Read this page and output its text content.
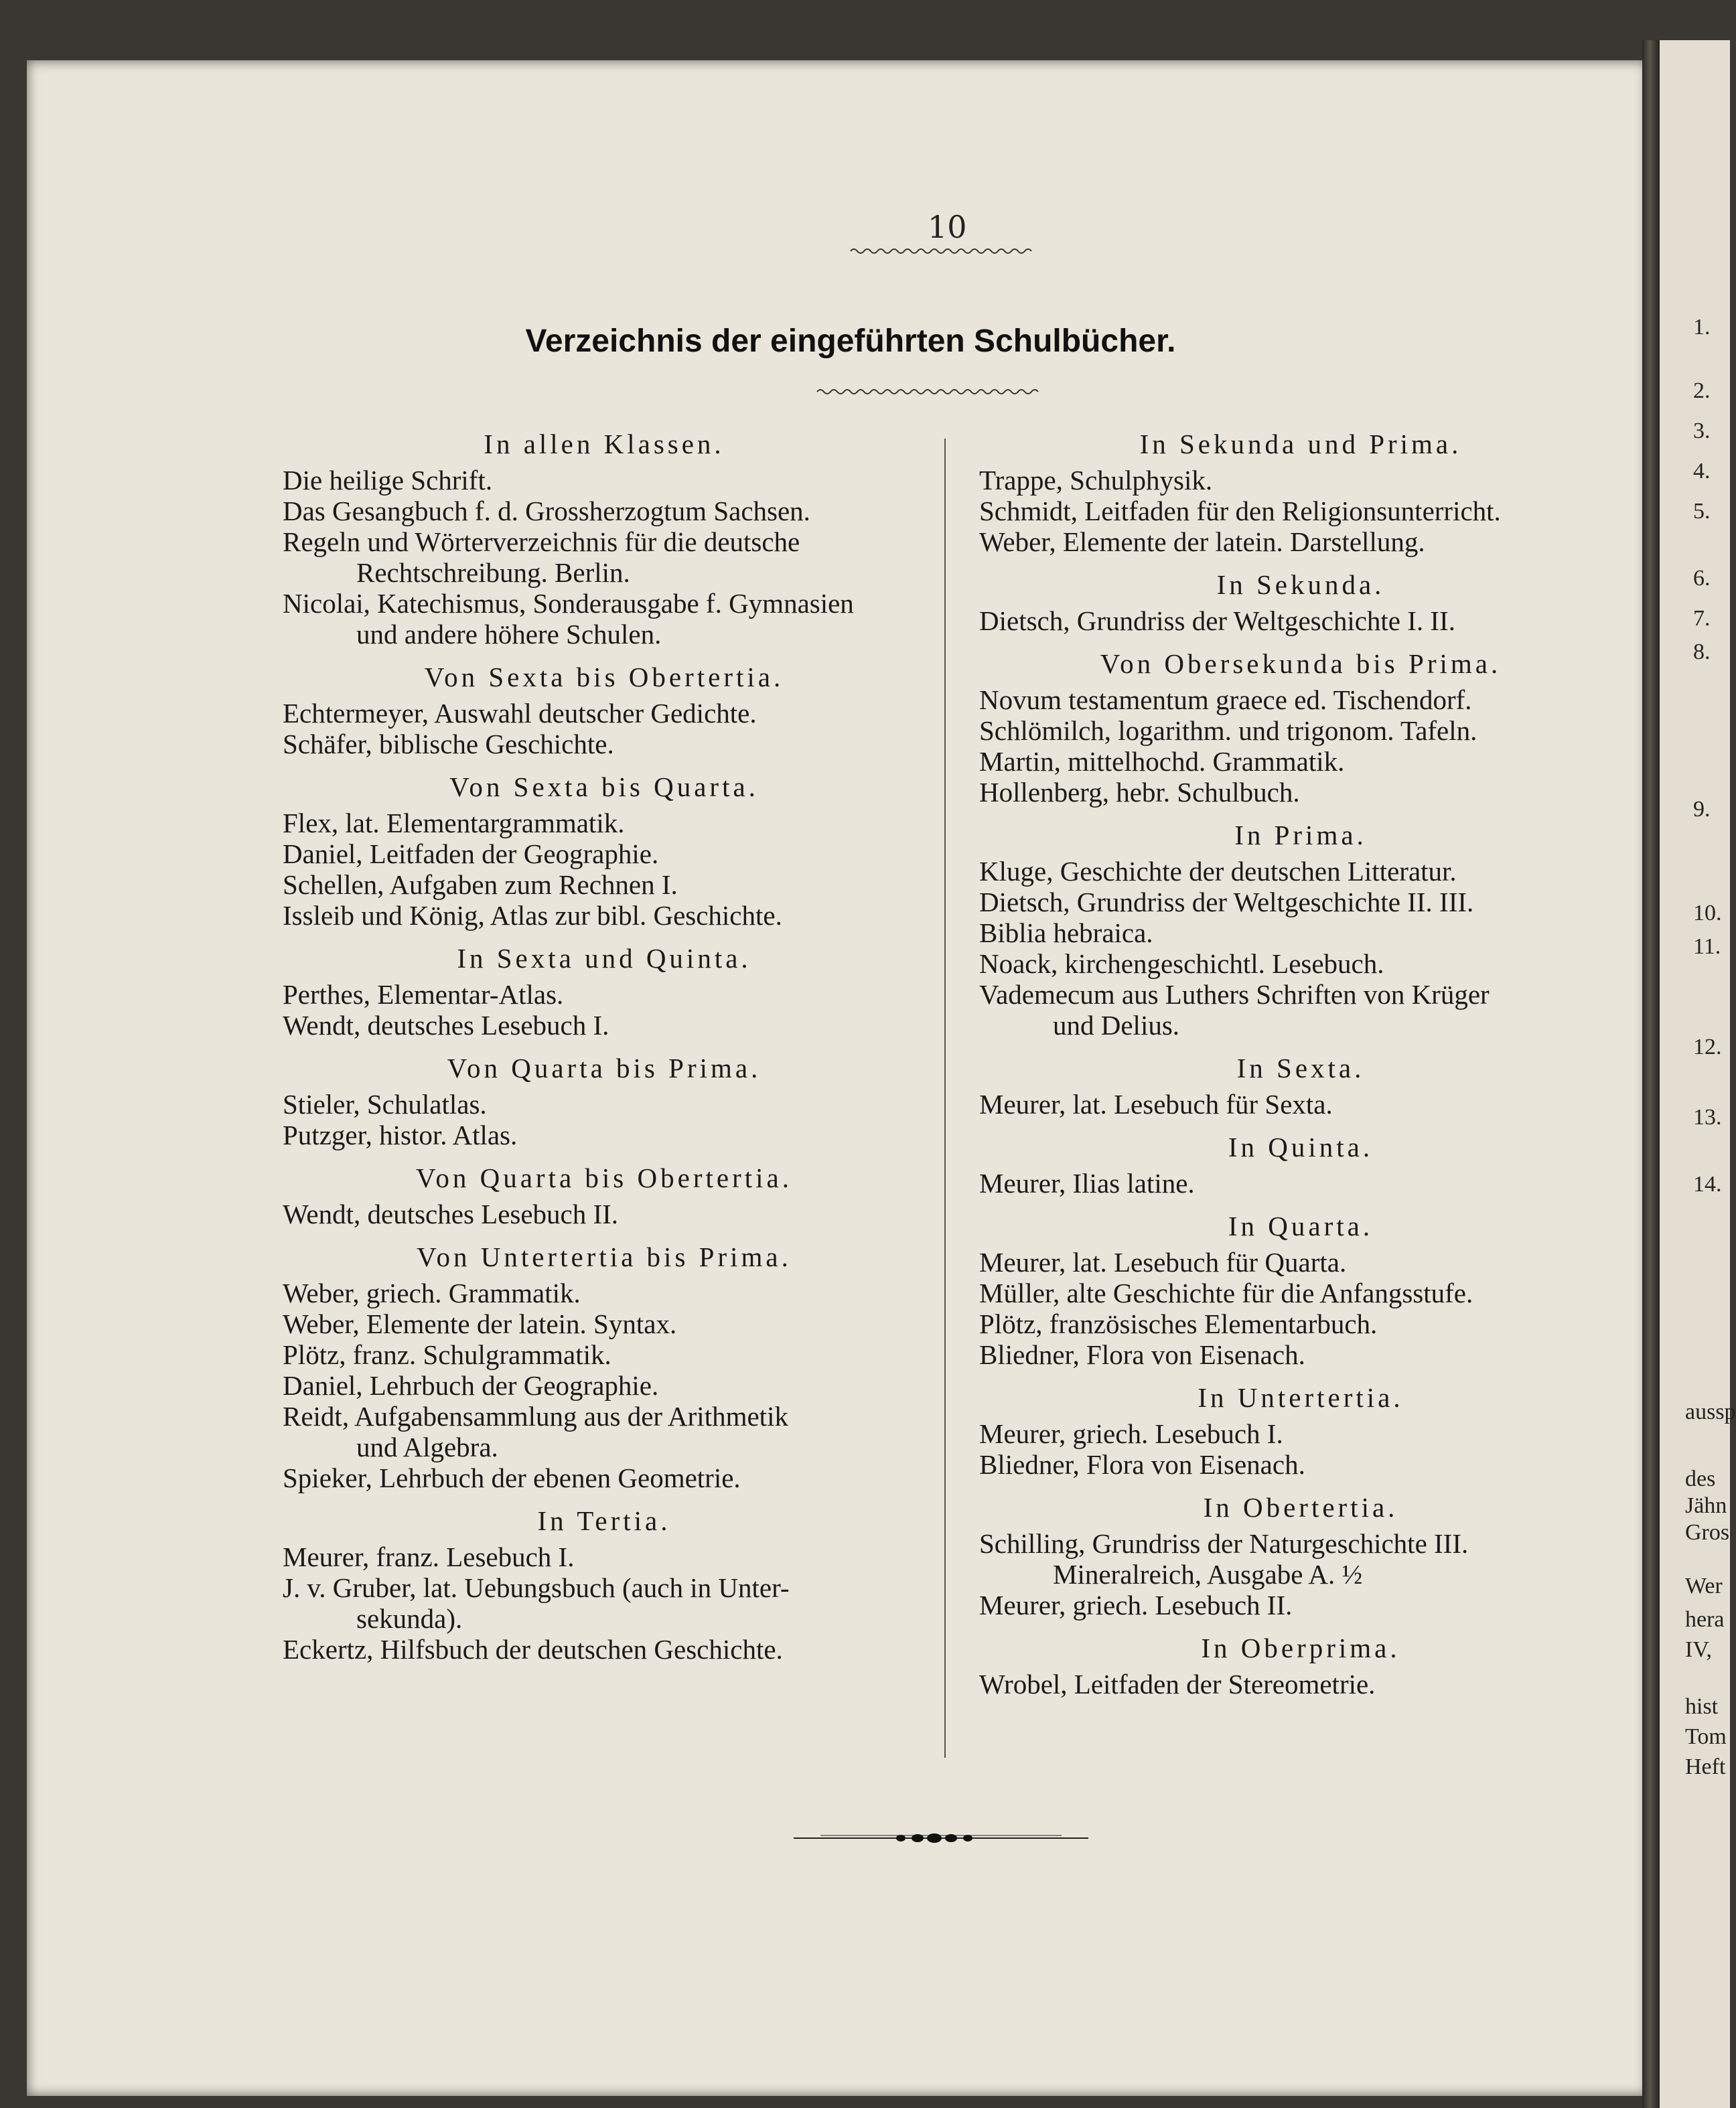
10
Verzeichnis der eingeführten Schulbücher.
In allen Klassen.
Die heilige Schrift.
Das Gesangbuch f. d. Grossherzogtum Sachsen.
Regeln und Wörterverzeichnis für die deutsche
Rechtschreibung. Berlin.
Nicolai, Katechismus, Sonderausgabe f. Gymnasien
und andere höhere Schulen.
Von Sexta bis Obertertia.
Echtermeyer, Auswahl deutscher Gedichte.
Schäfer, biblische Geschichte.
Von Sexta bis Quarta.
Flex, lat. Elementargrammatik.
Daniel, Leitfaden der Geographie.
Schellen, Aufgaben zum Rechnen I.
Issleib und König, Atlas zur bibl. Geschichte.
In Sexta und Quinta.
Perthes, Elementar-Atlas.
Wendt, deutsches Lesebuch I.
Von Quarta bis Prima.
Stieler, Schulatlas.
Putzger, histor. Atlas.
Von Quarta bis Obertertia.
Wendt, deutsches Lesebuch II.
Von Untertertia bis Prima.
Weber, griech. Grammatik.
Weber, Elemente der latein. Syntax.
Plötz, franz. Schulgrammatik.
Daniel, Lehrbuch der Geographie.
Reidt, Aufgabensammlung aus der Arithmetik
und Algebra.
Spieker, Lehrbuch der ebenen Geometrie.
In Tertia.
Meurer, franz. Lesebuch I.
J. v. Gruber, lat. Uebungsbuch (auch in Unter-
sekunda).
Eckertz, Hilfsbuch der deutschen Geschichte.
In Sekunda und Prima.
Trappe, Schulphysik.
Schmidt, Leitfaden für den Religionsunterricht.
Weber, Elemente der latein. Darstellung.
In Sekunda.
Dietsch, Grundriss der Weltgeschichte I. II.
Von Obersekunda bis Prima.
Novum testamentum graece ed. Tischendorf.
Schlömilch, logarithm. und trigonom. Tafeln.
Martin, mittelhochd. Grammatik.
Hollenberg, hebr. Schulbuch.
In Prima.
Kluge, Geschichte der deutschen Litteratur.
Dietsch, Grundriss der Weltgeschichte II. III.
Biblia hebraica.
Noack, kirchengeschichtl. Lesebuch.
Vademecum aus Luthers Schriften von Krüger
und Delius.
In Sexta.
Meurer, lat. Lesebuch für Sexta.
In Quinta.
Meurer, Ilias latine.
In Quarta.
Meurer, lat. Lesebuch für Quarta.
Müller, alte Geschichte für die Anfangsstufe.
Plötz, französisches Elementarbuch.
Bliedner, Flora von Eisenach.
In Untertertia.
Meurer, griech. Lesebuch I.
Bliedner, Flora von Eisenach.
In Obertertia.
Schilling, Grundriss der Naturgeschichte III.
Mineralreich, Ausgabe A. ½
Meurer, griech. Lesebuch II.
In Oberprima.
Wrobel, Leitfaden der Stereometrie.
1.
2.
3.
4.
5.
6.
7.
8.
9.
10.
11.
12.
13.
14.
aussp
des
Jähn
Gros
Wer
hera
IV,
hist
Tom
Heft
